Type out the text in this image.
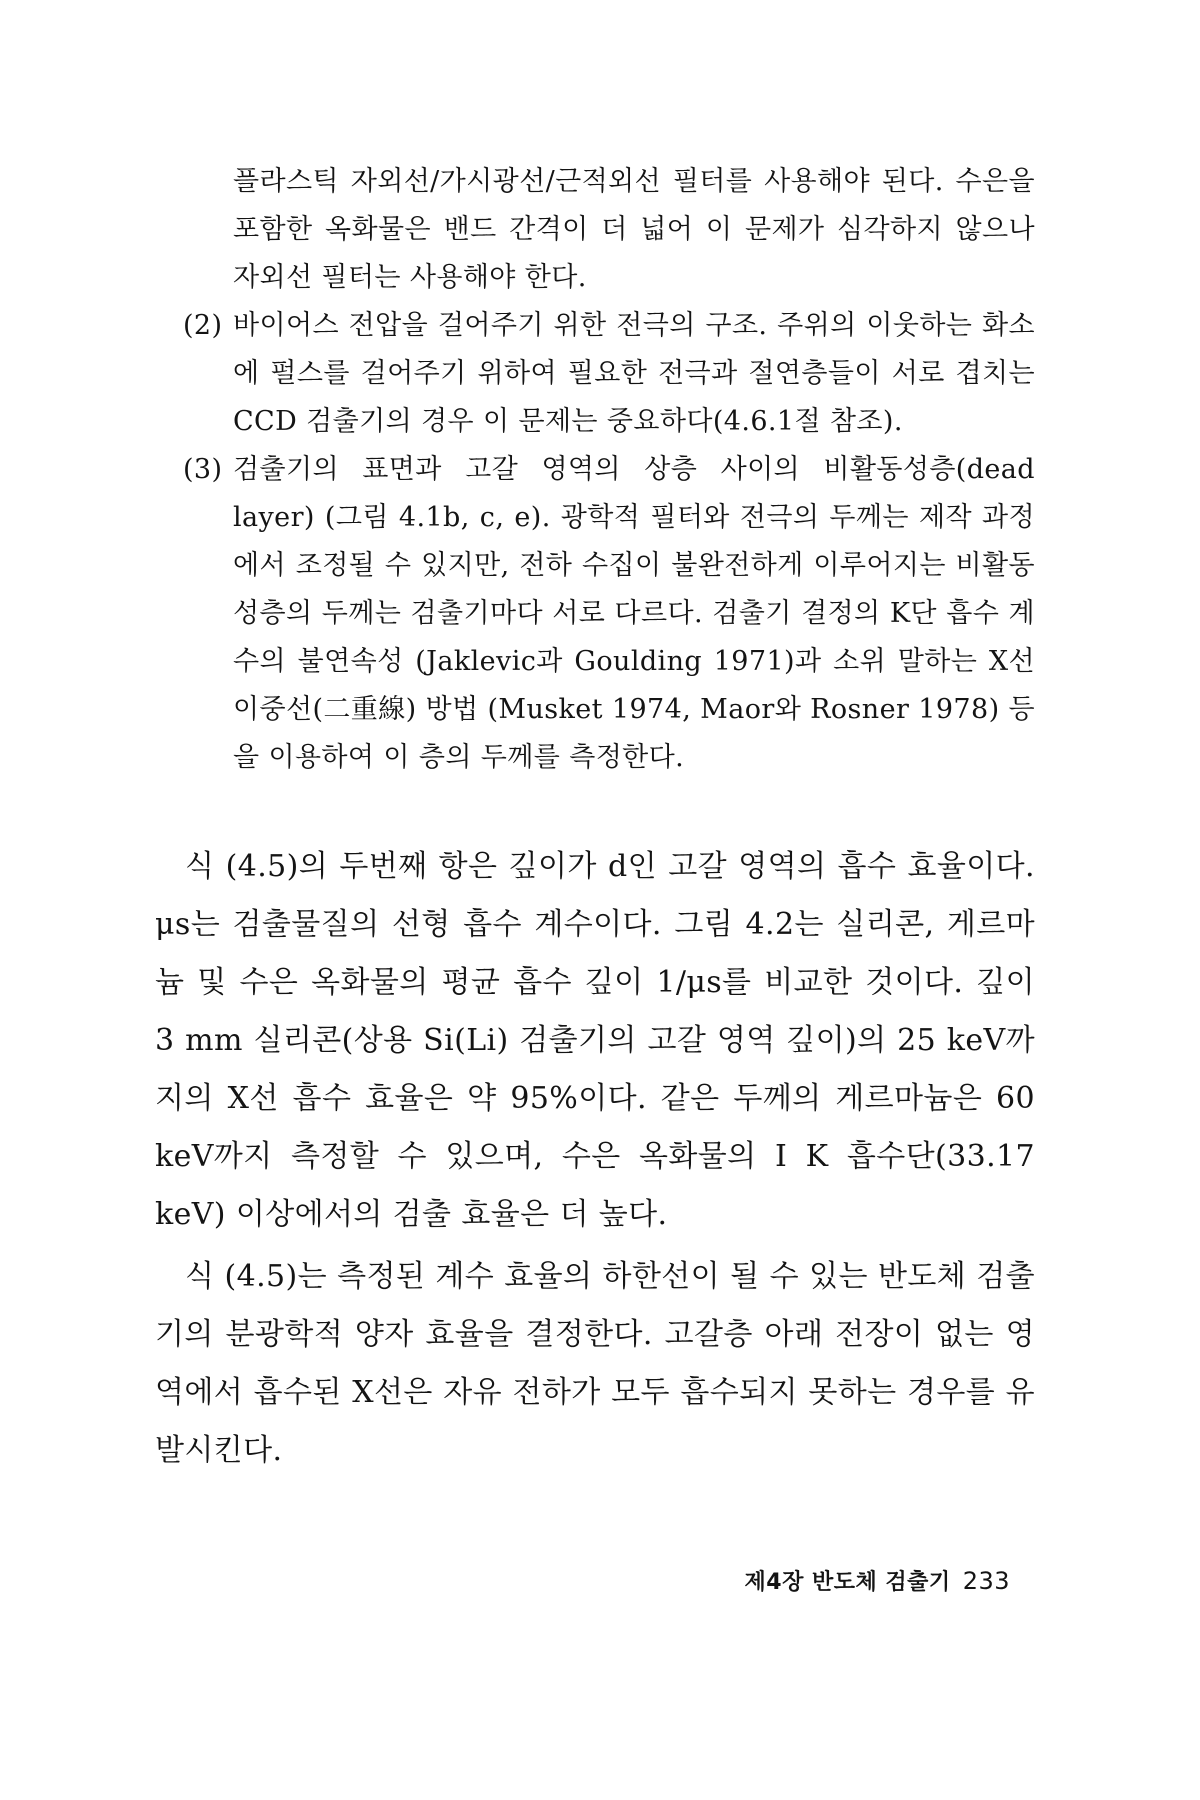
플라스틱 자외선/가시광선/근적외선 필터를 사용해야 된다. 수은을 포함한 옥화물은 밴드 간격이 더 넓어 이 문제가 심각하지 않으나 자외선 필터는 사용해야 한다.

(2) 바이어스 전압을 걸어주기 위한 전극의 구조. 주위의 이웃하는 화소에 펄스를 걸어주기 위하여 필요한 전극과 절연층들이 서로 겹치는 CCD 검출기의 경우 이 문제는 중요하다(4.6.1절 참조).
(3) 검출기의 표면과 고갈 영역의 상층 사이의 비활동성층(dead layer) (그림 4.1b, c, e). 광학적 필터와 전극의 두께는 제작 과정에서 조정될 수 있지만, 전하 수집이 불완전하게 이루어지는 비활동성층의 두께는 검출기마다 서로 다르다. 검출기 결정의 K단 흡수 계수의 불연속성 (Jaklevic과 Goulding 1971)과 소위 말하는 X선 이중선(二重線) 방법 (Musket 1974, Maor와 Rosner 1978) 등을 이용하여 이 층의 두께를 측정한다.

식 (4.5)의 두번째 항은 깊이가 d인 고갈 영역의 흡수 효율이다. μs는 검출물질의 선형 흡수 계수이다. 그림 4.2는 실리콘, 게르마늄 및 수은 옥화물의 평균 흡수 깊이 1/μs를 비교한 것이다. 깊이 3 mm 실리콘(상용 Si(Li) 검출기의 고갈 영역 깊이)의 25 keV까지의 X선 흡수 효율은 약 95%이다. 같은 두께의 게르마늄은 60 keV까지 측정할 수 있으며, 수은 옥화물의 I K 흡수단(33.17 keV) 이상에서의 검출 효율은 더 높다.

식 (4.5)는 측정된 계수 효율의 하한선이 될 수 있는 반도체 검출기의 분광학적 양자 효율을 결정한다. 고갈층 아래 전장이 없는 영역에서 흡수된 X선은 자유 전하가 모두 흡수되지 못하는 경우를 유발시킨다.

제4장 반도체 검출기 233
